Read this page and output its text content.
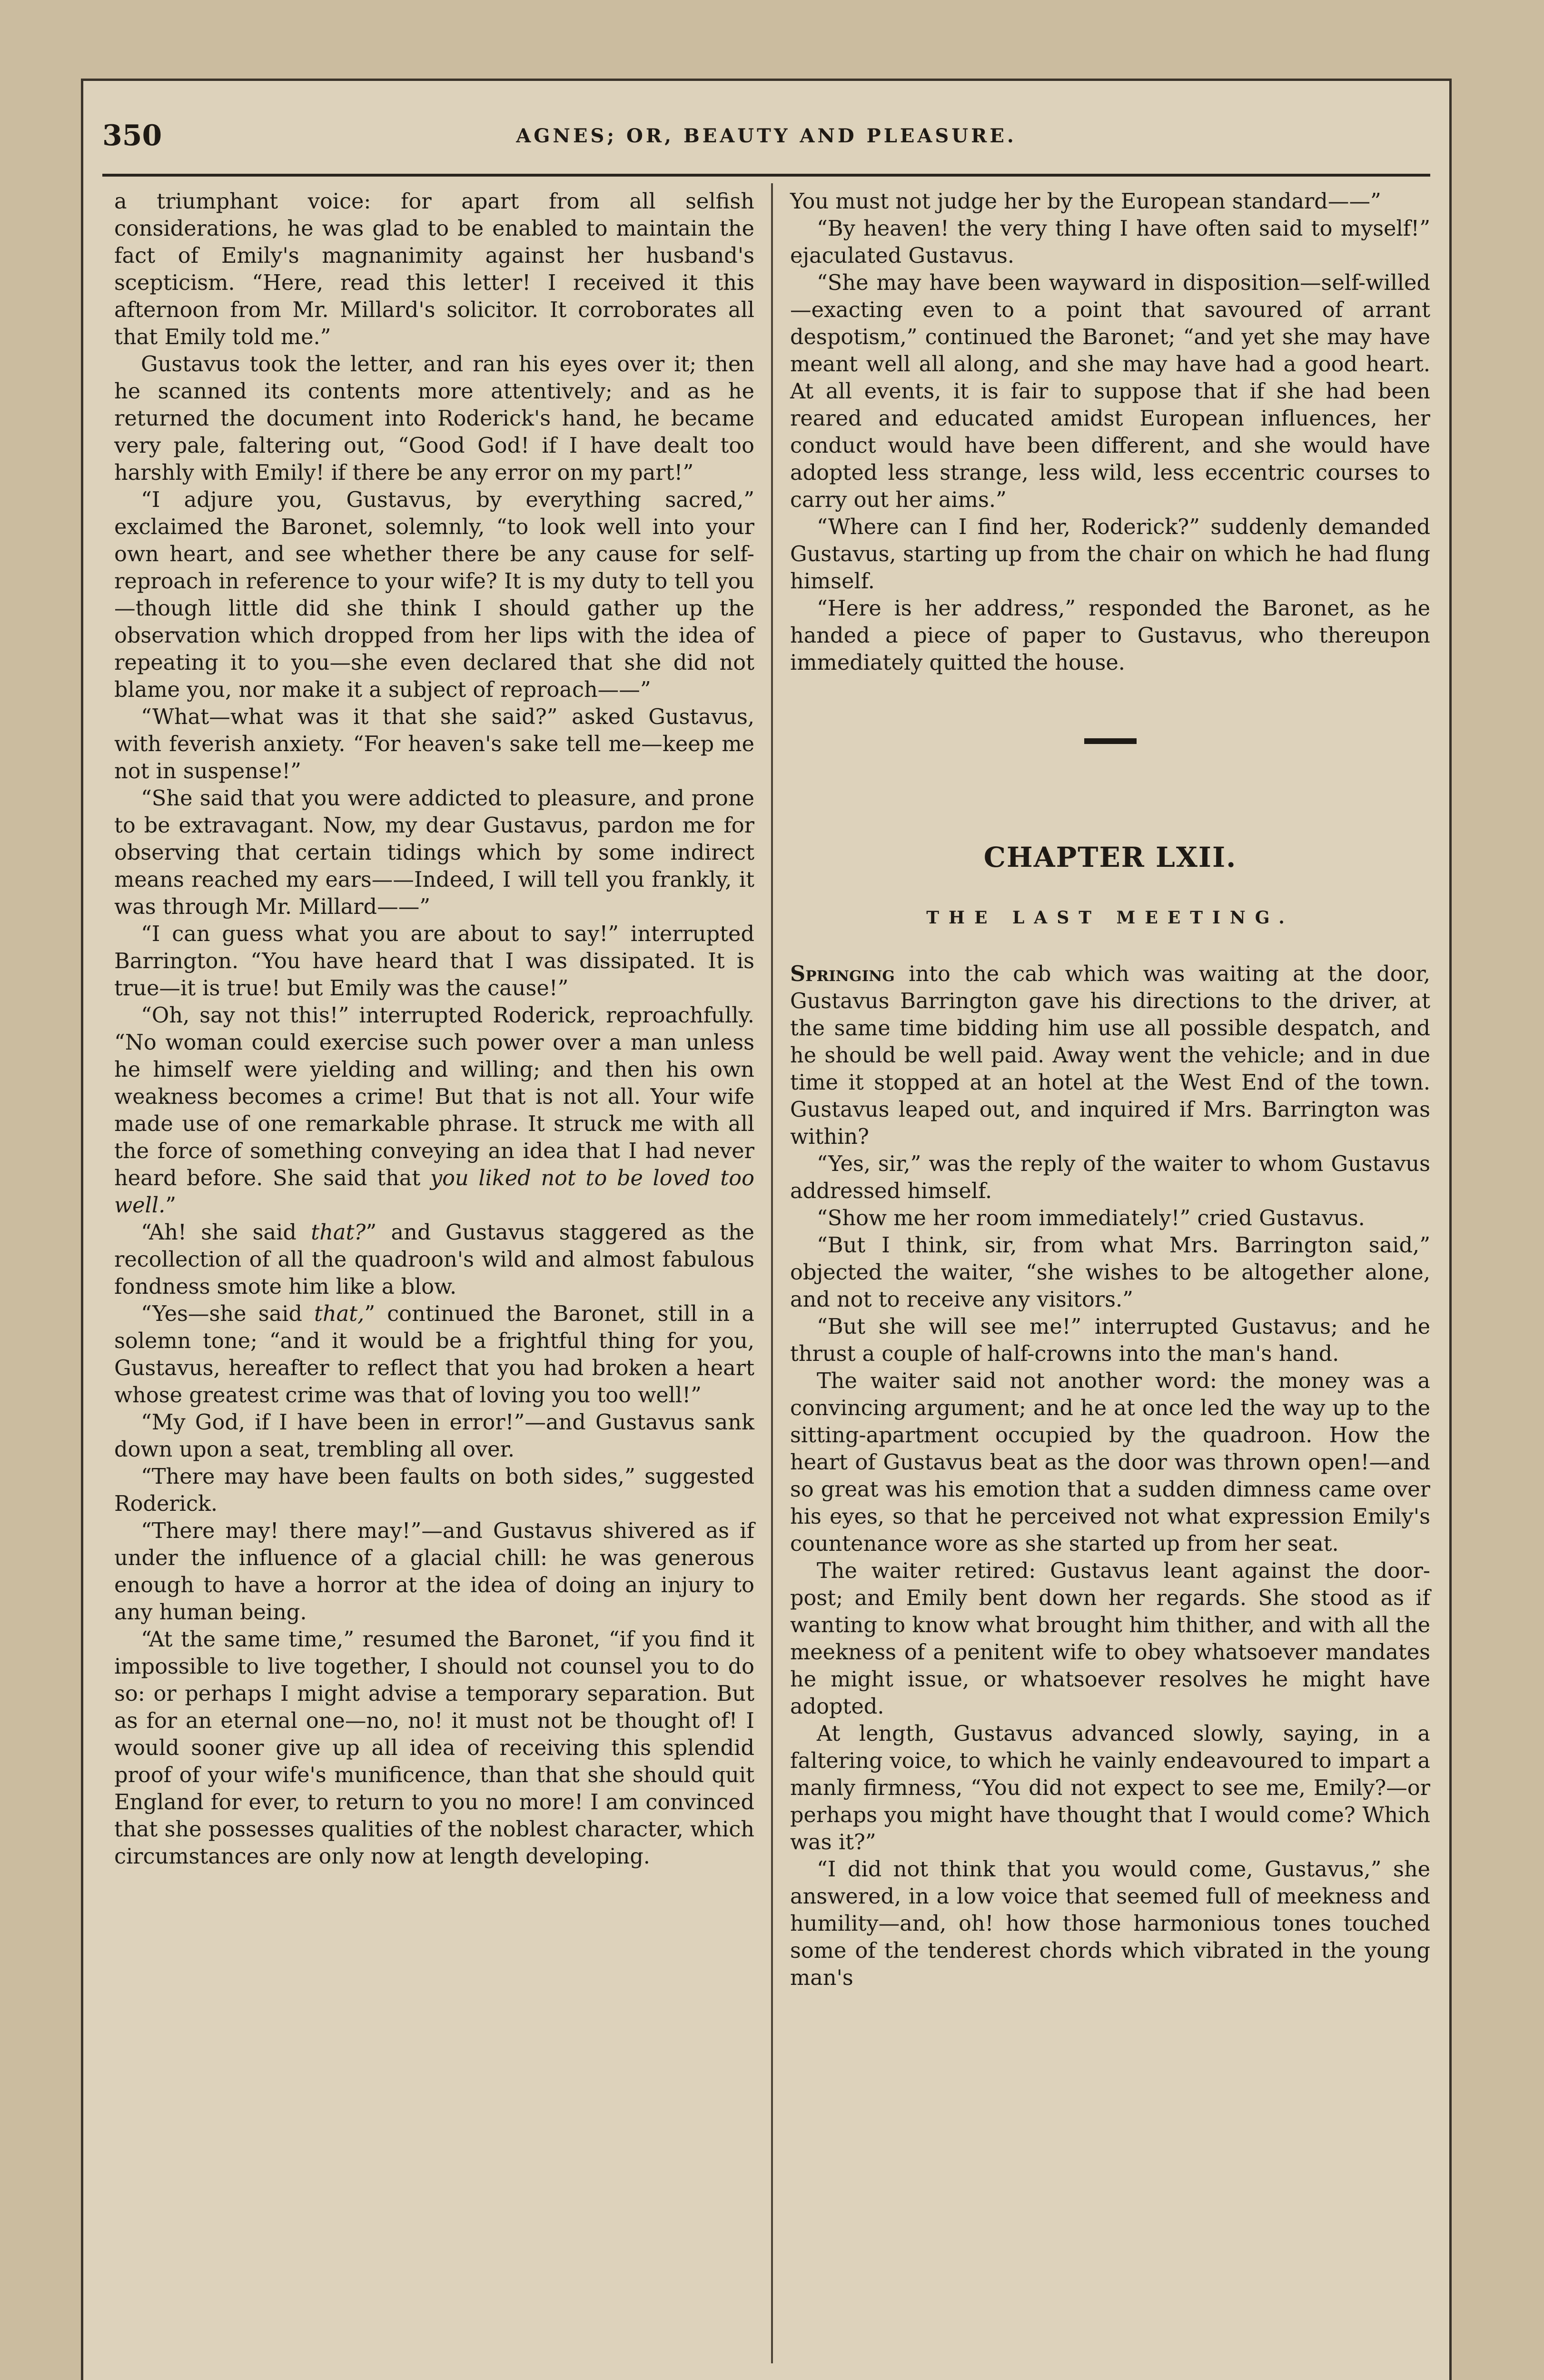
350	AGNES; OR, BEAUTY AND PLEASURE.

a triumphant voice: for apart from all selfish considerations, he was glad to be enabled to maintain the fact of Emily's magnanimity against her husband's scepticism. “Here, read this letter! I received it this afternoon from Mr. Millard's solicitor. It corroborates all that Emily told me.”

Gustavus took the letter, and ran his eyes over it; then he scanned its contents more attentively; and as he returned the document into Roderick's hand, he became very pale, faltering out, “Good God! if I have dealt too harshly with Emily! if there be any error on my part!”

“I adjure you, Gustavus, by everything sacred,” exclaimed the Baronet, solemnly, “to look well into your own heart, and see whether there be any cause for self-reproach in reference to your wife? It is my duty to tell you—though little did she think I should gather up the observation which dropped from her lips with the idea of repeating it to you—she even declared that she did not blame you, nor make it a subject of reproach——”

“What—what was it that she said?” asked Gustavus, with feverish anxiety. “For heaven's sake tell me—keep me not in suspense!”

“She said that you were addicted to pleasure, and prone to be extravagant. Now, my dear Gustavus, pardon me for observing that certain tidings which by some indirect means reached my ears——Indeed, I will tell you frankly, it was through Mr. Millard——”

“I can guess what you are about to say!” interrupted Barrington. “You have heard that I was dissipated. It is true—it is true! but Emily was the cause!”

“Oh, say not this!” interrupted Roderick, reproachfully. “No woman could exercise such power over a man unless he himself were yielding and willing; and then his own weakness becomes a crime! But that is not all. Your wife made use of one remarkable phrase. It struck me with all the force of something conveying an idea that I had never heard before. She said that you liked not to be loved too well.”

“Ah! she said that?” and Gustavus staggered as the recollection of all the quadroon's wild and almost fabulous fondness smote him like a blow.

“Yes—she said that,” continued the Baronet, still in a solemn tone; “and it would be a frightful thing for you, Gustavus, hereafter to reflect that you had broken a heart whose greatest crime was that of loving you too well!”

“My God, if I have been in error!”—and Gustavus sank down upon a seat, trembling all over.

“There may have been faults on both sides,” suggested Roderick.

“There may! there may!”—and Gustavus shivered as if under the influence of a glacial chill: he was generous enough to have a horror at the idea of doing an injury to any human being.

“At the same time,” resumed the Baronet, “if you find it impossible to live together, I should not counsel you to do so: or perhaps I might advise a temporary separation. But as for an eternal one—no, no! it must not be thought of! I would sooner give up all idea of receiving this splendid proof of your wife's munificence, than that she should quit England for ever, to return to you no more! I am convinced that she possesses qualities of the noblest character, which circumstances are only now at length developing.

You must not judge her by the European standard——”

“By heaven! the very thing I have often said to myself!” ejaculated Gustavus.

“She may have been wayward in disposition—self-willed—exacting even to a point that savoured of arrant despotism,” continued the Baronet; “and yet she may have meant well all along, and she may have had a good heart. At all events, it is fair to suppose that if she had been reared and educated amidst European influences, her conduct would have been different, and she would have adopted less strange, less wild, less eccentric courses to carry out her aims.”

“Where can I find her, Roderick?” suddenly demanded Gustavus, starting up from the chair on which he had flung himself.

“Here is her address,” responded the Baronet, as he handed a piece of paper to Gustavus, who thereupon immediately quitted the house.

CHAPTER LXII.
THE LAST MEETING.

Springing into the cab which was waiting at the door, Gustavus Barrington gave his directions to the driver, at the same time bidding him use all possible despatch, and he should be well paid. Away went the vehicle; and in due time it stopped at an hotel at the West End of the town. Gustavus leaped out, and inquired if Mrs. Barrington was within?

“Yes, sir,” was the reply of the waiter to whom Gustavus addressed himself.

“Show me her room immediately!” cried Gustavus.

“But I think, sir, from what Mrs. Barrington said,” objected the waiter, “she wishes to be altogether alone, and not to receive any visitors.”

“But she will see me!” interrupted Gustavus; and he thrust a couple of half-crowns into the man's hand.

The waiter said not another word: the money was a convincing argument; and he at once led the way up to the sitting-apartment occupied by the quadroon. How the heart of Gustavus beat as the door was thrown open!—and so great was his emotion that a sudden dimness came over his eyes, so that he perceived not what expression Emily's countenance wore as she started up from her seat.

The waiter retired: Gustavus leant against the door-post; and Emily bent down her regards. She stood as if wanting to know what brought him thither, and with all the meekness of a penitent wife to obey whatsoever mandates he might issue, or whatsoever resolves he might have adopted.

At length, Gustavus advanced slowly, saying, in a faltering voice, to which he vainly endeavoured to impart a manly firmness, “You did not expect to see me, Emily?—or perhaps you might have thought that I would come? Which was it?”

“I did not think that you would come, Gustavus,” she answered, in a low voice that seemed full of meekness and humility—and, oh! how those harmonious tones touched some of the tenderest chords which vibrated in the young man's
